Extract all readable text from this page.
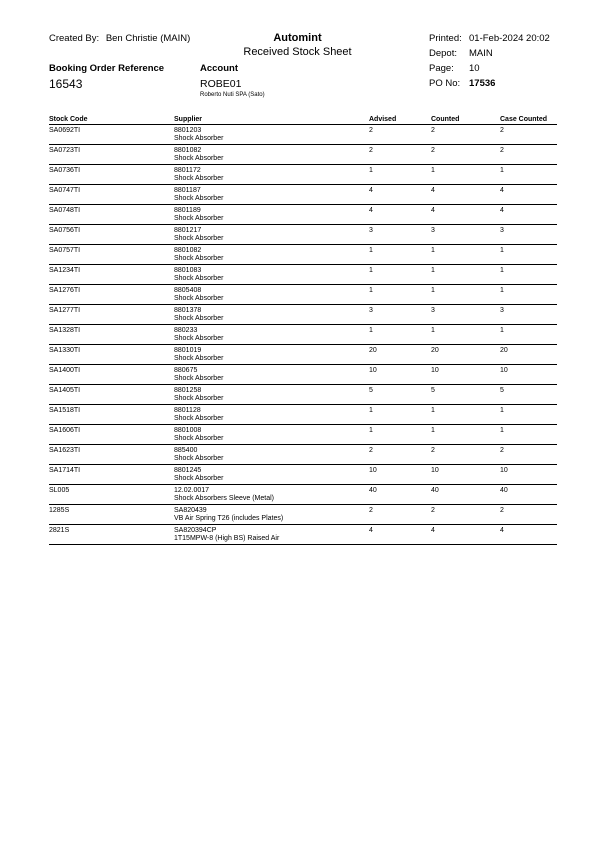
Created By: Ben Christie (MAIN)	Automint
Received Stock Sheet
Printed: 01-Feb-2024 20:02
Depot: MAIN
Booking Order Reference	Account	Page: 10
16543	ROBE01
Roberto Nuti SPA (Sato)
PO No: 17536
Stock Code	Supplier	Advised	Counted	Case Counted
SA0692TI	8801203
Shock Absorber	2	2	2
SA0723TI	8801082
Shock Absorber	2	2	2
SA0736TI	8801172
Shock Absorber	1	1	1
SA0747TI	8801187
Shock Absorber	4	4	4
SA0748TI	8801189
Shock Absorber	4	4	4
SA0756TI	8801217
Shock Absorber	3	3	3
SA0757TI	8801082
Shock Absorber	1	1	1
SA1234TI	8801083
Shock Absorber	1	1	1
SA1276TI	8805408
Shock Absorber	1	1	1
SA1277TI	8801378
Shock Absorber	3	3	3
SA1328TI	880233
Shock Absorber	1	1	1
SA1330TI	8801019
Shock Absorber	20	20	20
SA1400TI	880675
Shock Absorber	10	10	10
SA1405TI	8801258
Shock Absorber	5	5	5
SA1518TI	8801128
Shock Absorber	1	1	1
SA1606TI	8801008
Shock Absorber	1	1	1
SA1623TI	885400
Shock Absorber	2	2	2
SA1714TI	8801245
Shock Absorber	10	10	10
SL005	12.02.0017
Shock Absorbers Sleeve (Metal)	40	40	40
1285S	SA820439
VB Air Spring T26 (includes Plates)	2	2	2
2821S	SA820394CP
1T15MPW-8 (High BS) Raised Air	4	4	4
